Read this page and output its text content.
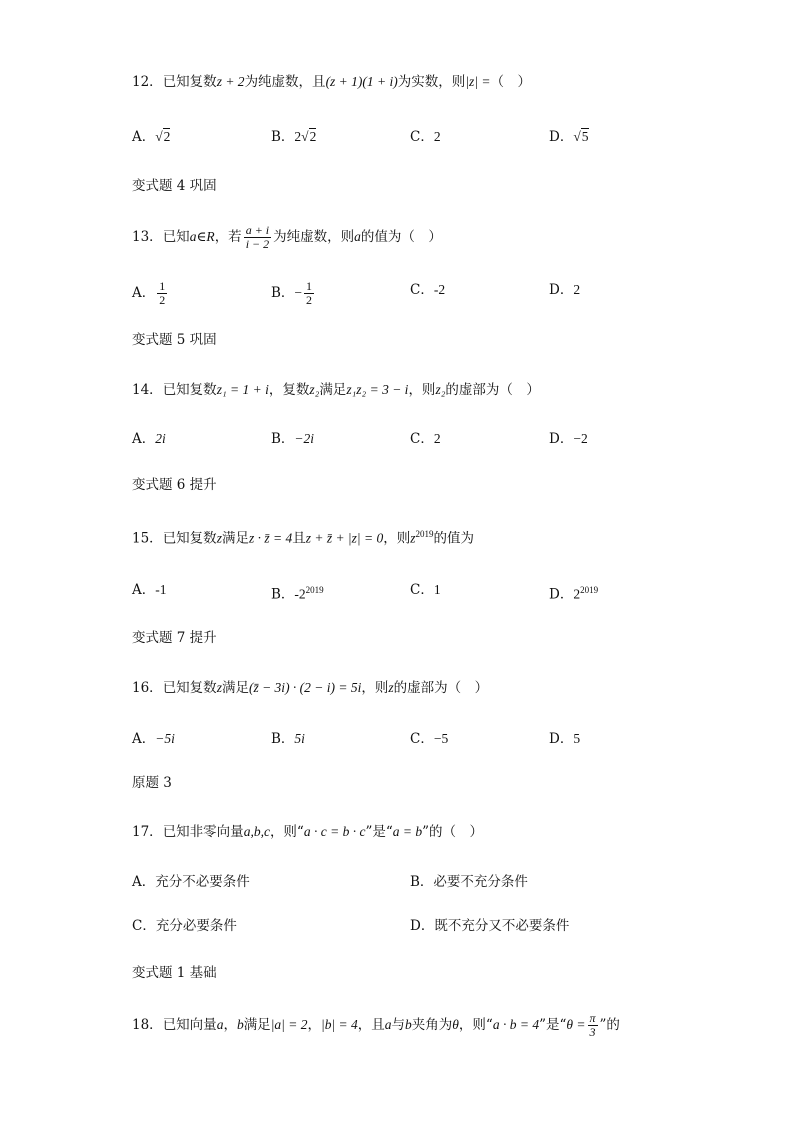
12．已知复数z + 2为纯虚数，且(z + 1)(1 + i)为实数，则|z| =（　）
A．√2	B．2√2	C．2	D．√5
变式题 4 巩固
13．已知a∈R，若 $\frac{a + i}{i - 2}$ 为纯虚数，则a的值为（　）
A． $\frac{1}{2}$	B．− $\frac{1}{2}$	C．-2	D．2
变式题 5 巩固
14．已知复数z₁ = 1 + i，复数z₂满足z₁z₂ = 3 − i，则z₂的虚部为（　）
A．2i	B．−2i	C．2	D．−2
变式题 6 提升
15．已知复数z满足z · z̄ = 4且z + z̄ + |z| = 0，则$z^{2019}$的值为
A．-1	B．$-2^{2019}$	C．1	D．$2^{2019}$
变式题 7 提升
16．已知复数z满足(z̄ − 3i) · (2 − i) = 5i，则z的虚部为（　）
A．−5i	B．5i	C．−5	D．5
原题 3
17．已知非零向量a,b,c，则“a · c = b · c”是“a = b”的（　）
A．充分不必要条件	B．必要不充分条件
C．充分必要条件	D．既不充分又不必要条件
变式题 1 基础
18．已知向量a，b满足|a| = 2，|b| = 4，且a与b夹角为θ，则“a · b = 4”是“$\theta = \frac{\pi}{3}$ ”的
